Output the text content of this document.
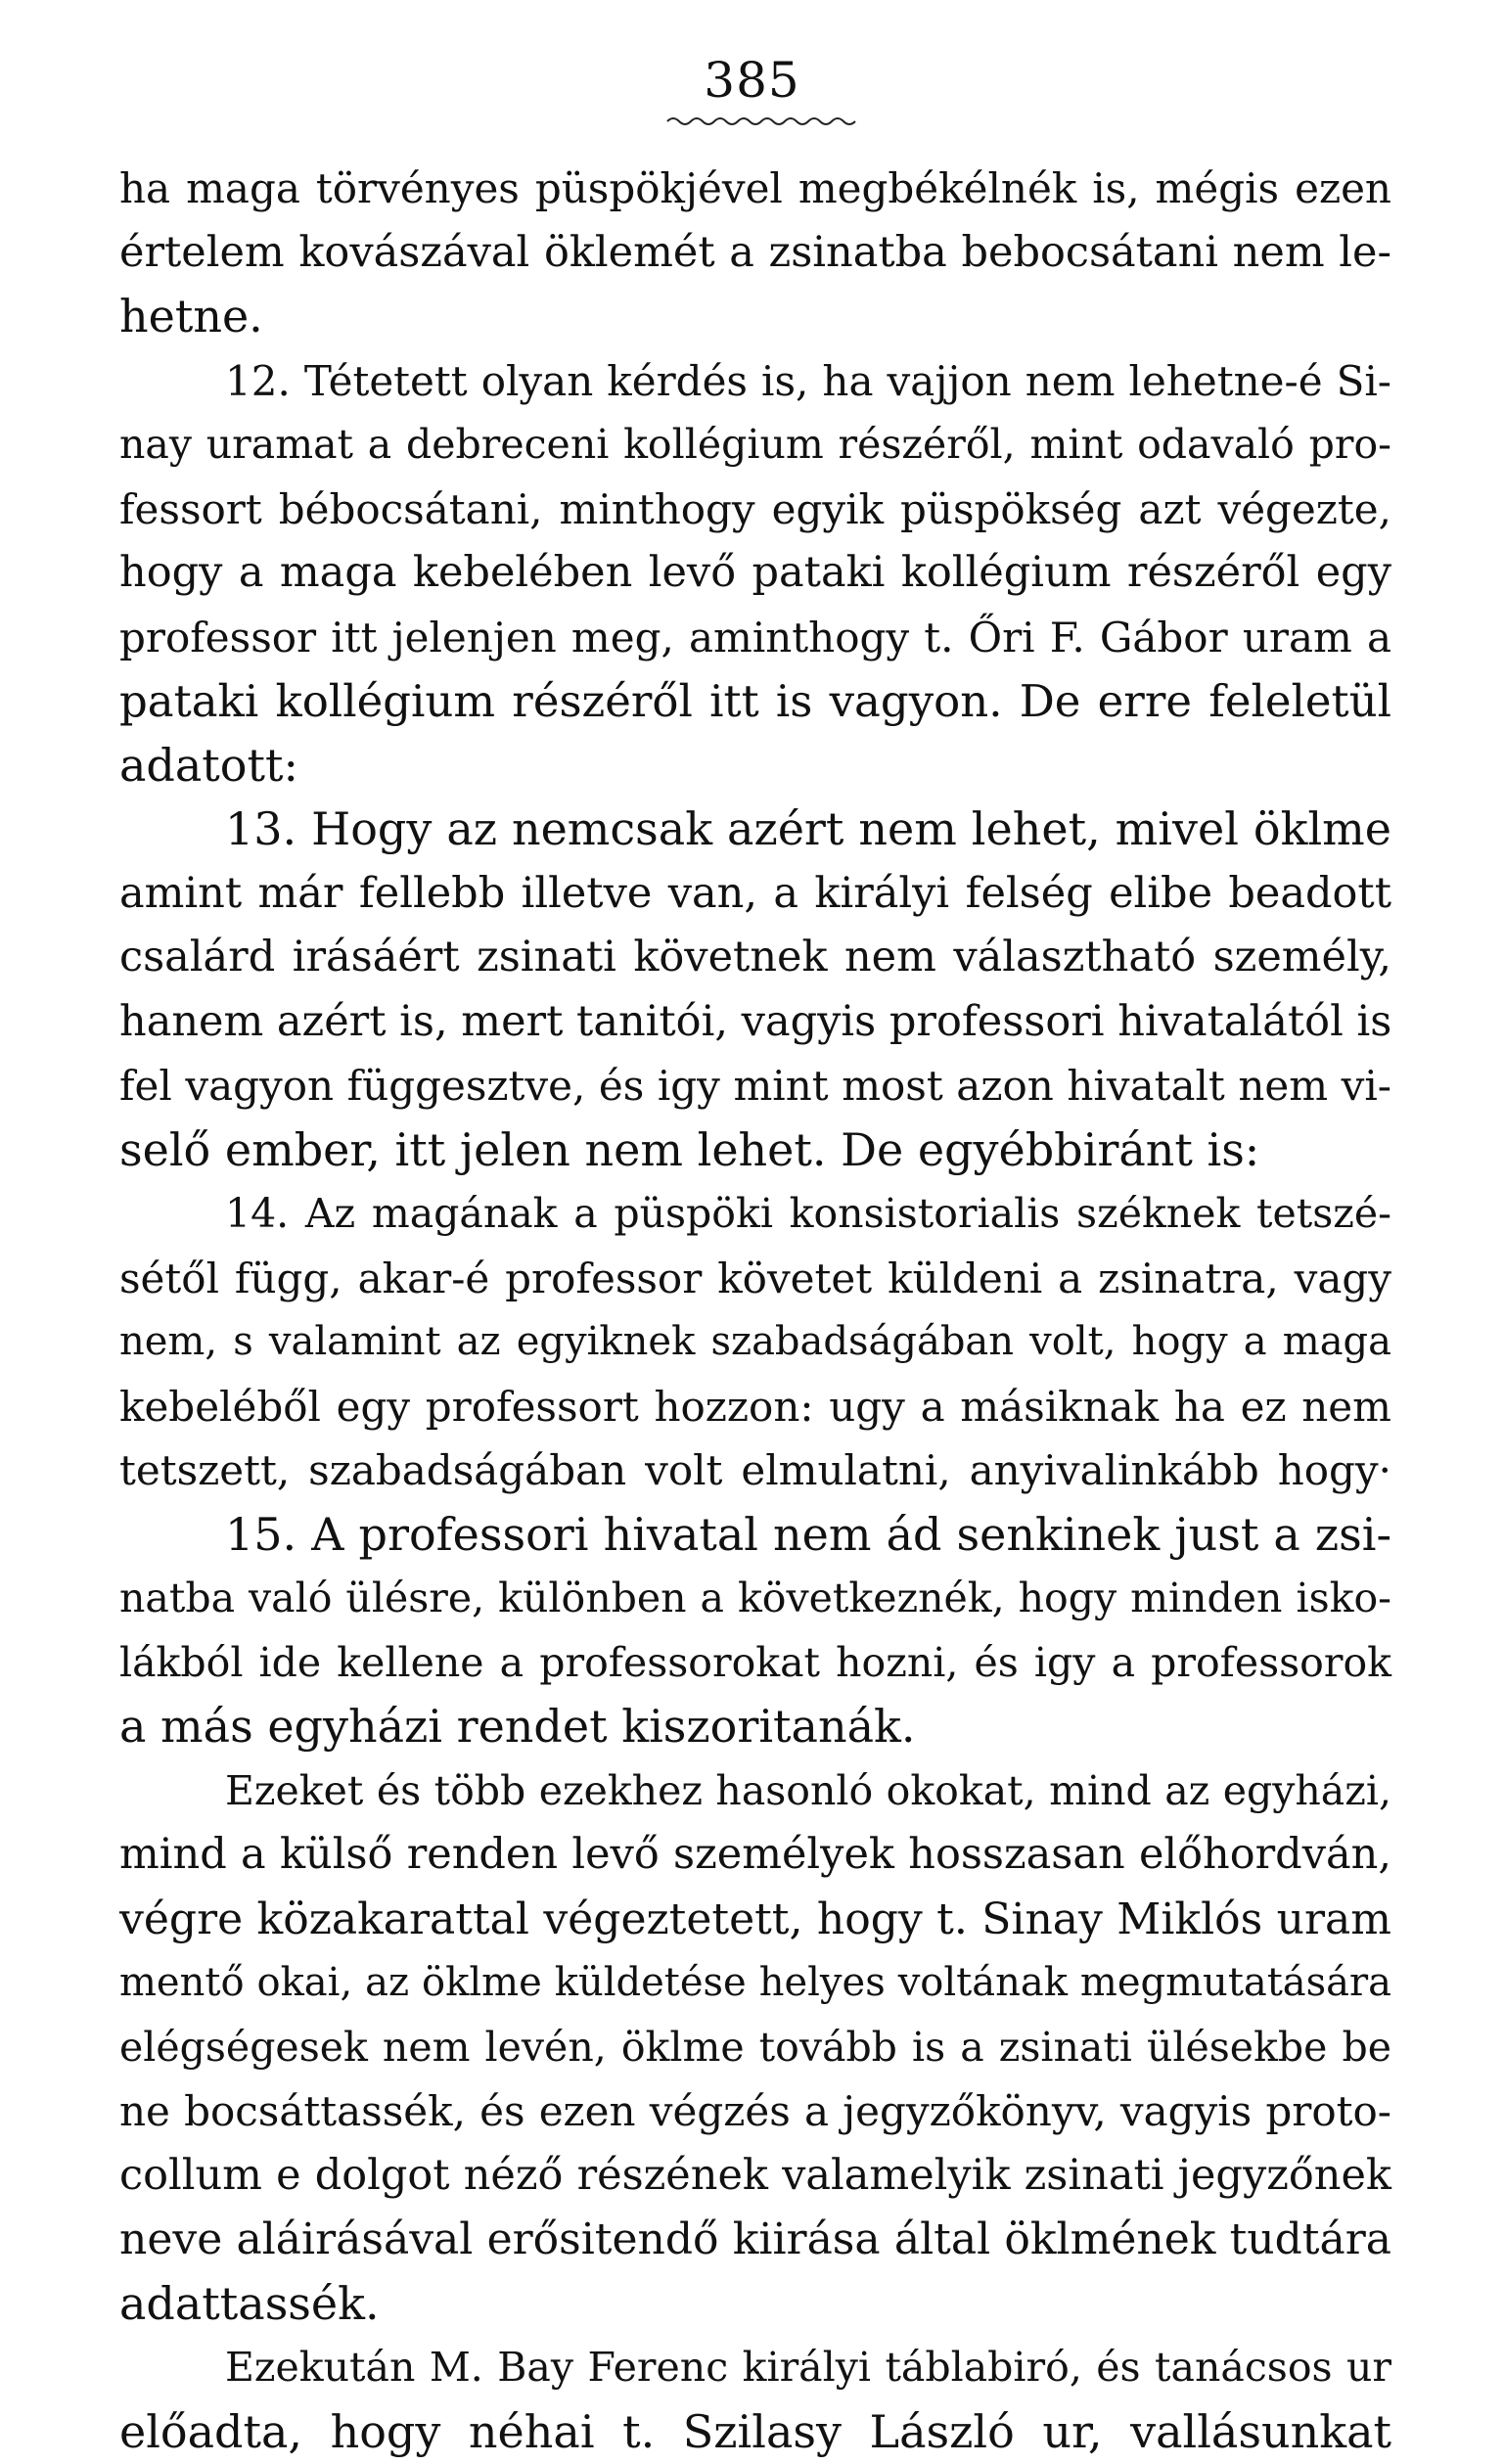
385
ha maga törvényes püspökjével megbékélnék is, mégis ezen
értelem kovászával öklemét a zsinatba bebocsátani nem le-
hetne.
12. Tétetett olyan kérdés is, ha vajjon nem lehetne-é Si-
nay uramat a debreceni kollégium részéről, mint odavaló pro-
fessort bébocsátani, minthogy egyik püspökség azt végezte,
hogy a maga kebelében levő pataki kollégium részéről egy
professor itt jelenjen meg, aminthogy t. Őri F. Gábor uram a
pataki kollégium részéről itt is vagyon. De erre feleletül
adatott:
13. Hogy az nemcsak azért nem lehet, mivel öklme
amint már fellebb illetve van, a királyi felség elibe beadott
csalárd irásáért zsinati követnek nem választható személy,
hanem azért is, mert tanitói, vagyis professori hivatalától is
fel vagyon függesztve, és igy mint most azon hivatalt nem vi-
selő ember, itt jelen nem lehet. De egyébbiránt is:
14. Az magának a püspöki konsistorialis széknek tetszé-
sétől függ, akar-é professor követet küldeni a zsinatra, vagy
nem, s valamint az egyiknek szabadságában volt, hogy a maga
kebeléből egy professort hozzon: ugy a másiknak ha ez nem
tetszett, szabadságában volt elmulatni, anyivalinkább hogy·
15. A professori hivatal nem ád senkinek just a zsi-
natba való ülésre, különben a következnék, hogy minden isko-
lákból ide kellene a professorokat hozni, és igy a professorok
a más egyházi rendet kiszoritanák.
Ezeket és több ezekhez hasonló okokat, mind az egyházi,
mind a külső renden levő személyek hosszasan előhordván,
végre közakarattal végeztetett, hogy t. Sinay Miklós uram
mentő okai, az öklme küldetése helyes voltának megmutatására
elégségesek nem levén, öklme tovább is a zsinati ülésekbe be
ne bocsáttassék, és ezen végzés a jegyzőkönyv, vagyis proto-
collum e dolgot néző részének valamelyik zsinati jegyzőnek
neve aláirásával erősitendő kiirása által öklmének tudtára
adattassék.
Ezekután M. Bay Ferenc királyi táblabiró, és tanácsos ur
előadta, hogy néhai t. Szilasy László ur, vallásunkat
